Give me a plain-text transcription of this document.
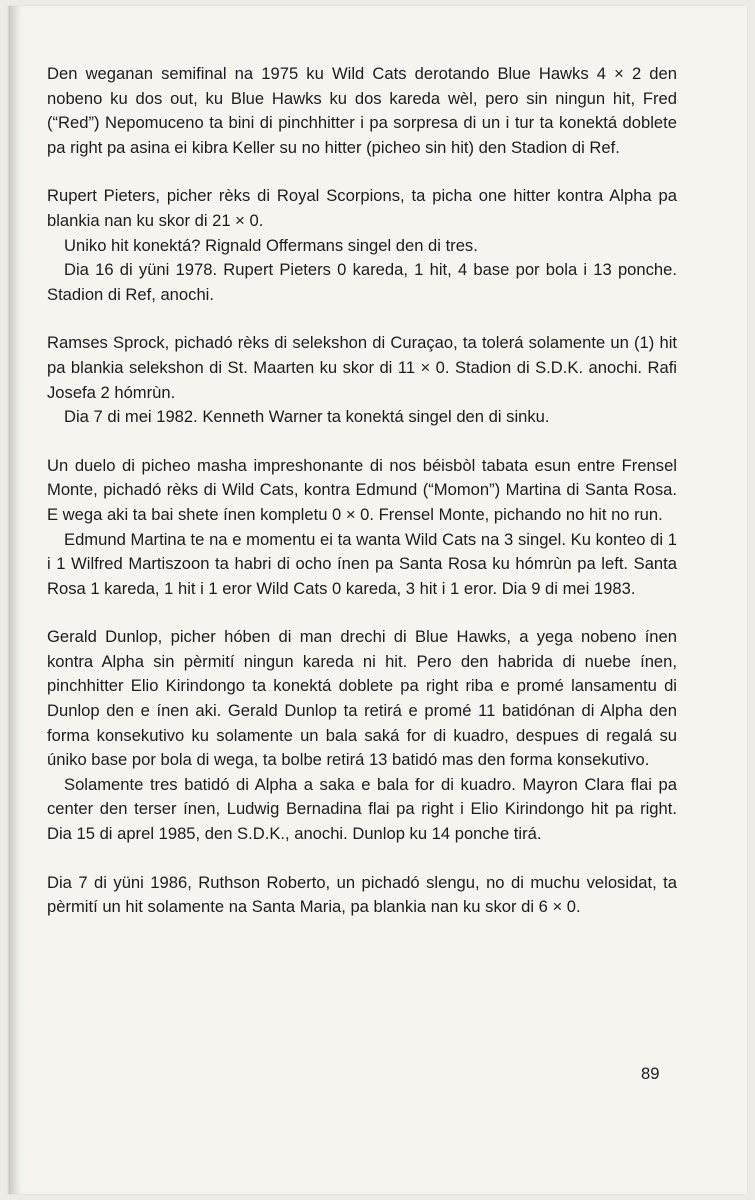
Den weganan semifinal na 1975 ku Wild Cats derotando Blue Hawks 4 × 2 den nobeno ku dos out, ku Blue Hawks ku dos kareda wèl, pero sin ningun hit, Fred (“Red”) Nepomuceno ta bini di pinchhitter i pa sorpresa di un i tur ta konektá doblete pa right pa asina ei kibra Keller su no hitter (picheo sin hit) den Stadion di Ref.

Rupert Pieters, picher rèks di Royal Scorpions, ta picha one hitter kontra Alpha pa blankia nan ku skor di 21 × 0.

Uniko hit konektá? Rignald Offermans singel den di tres.

Dia 16 di yüni 1978. Rupert Pieters 0 kareda, 1 hit, 4 base por bola i 13 ponche. Stadion di Ref, anochi.

Ramses Sprock, pichadó rèks di selekshon di Curaçao, ta tolerá solamente un (1) hit pa blankia selekshon di St. Maarten ku skor di 11 × 0. Stadion di S.D.K. anochi. Rafi Josefa 2 hómrùn.

Dia 7 di mei 1982. Kenneth Warner ta konektá singel den di sinku.

Un duelo di picheo masha impreshonante di nos béisbòl tabata esun entre Frensel Monte, pichadó rèks di Wild Cats, kontra Edmund (“Momon”) Martina di Santa Rosa. E wega aki ta bai shete ínen kompletu 0 × 0. Frensel Monte, pichando no hit no run.

Edmund Martina te na e momentu ei ta wanta Wild Cats na 3 singel. Ku konteo di 1 i 1 Wilfred Martiszoon ta habri di ocho ínen pa Santa Rosa ku hómrùn pa left. Santa Rosa 1 kareda, 1 hit i 1 eror Wild Cats 0 kareda, 3 hit i 1 eror. Dia 9 di mei 1983.

Gerald Dunlop, picher hóben di man drechi di Blue Hawks, a yega nobeno ínen kontra Alpha sin pèrmití ningun kareda ni hit. Pero den habrida di nuebe ínen, pinchhitter Elio Kirindongo ta konektá doblete pa right riba e promé lansamentu di Dunlop den e ínen aki. Gerald Dunlop ta retirá e promé 11 batidónan di Alpha den forma konsekutivo ku solamente un bala saká for di kuadro, despues di regalá su úniko base por bola di wega, ta bolbe retirá 13 batidó mas den forma konsekutivo.

Solamente tres batidó di Alpha a saka e bala for di kuadro. Mayron Clara flai pa center den terser ínen, Ludwig Bernadina flai pa right i Elio Kirindongo hit pa right. Dia 15 di aprel 1985, den S.D.K., anochi. Dunlop ku 14 ponche tirá.

Dia 7 di yüni 1986, Ruthson Roberto, un pichadó slengu, no di muchu velosidat, ta pèrmití un hit solamente na Santa Maria, pa blankia nan ku skor di 6 × 0.

89
